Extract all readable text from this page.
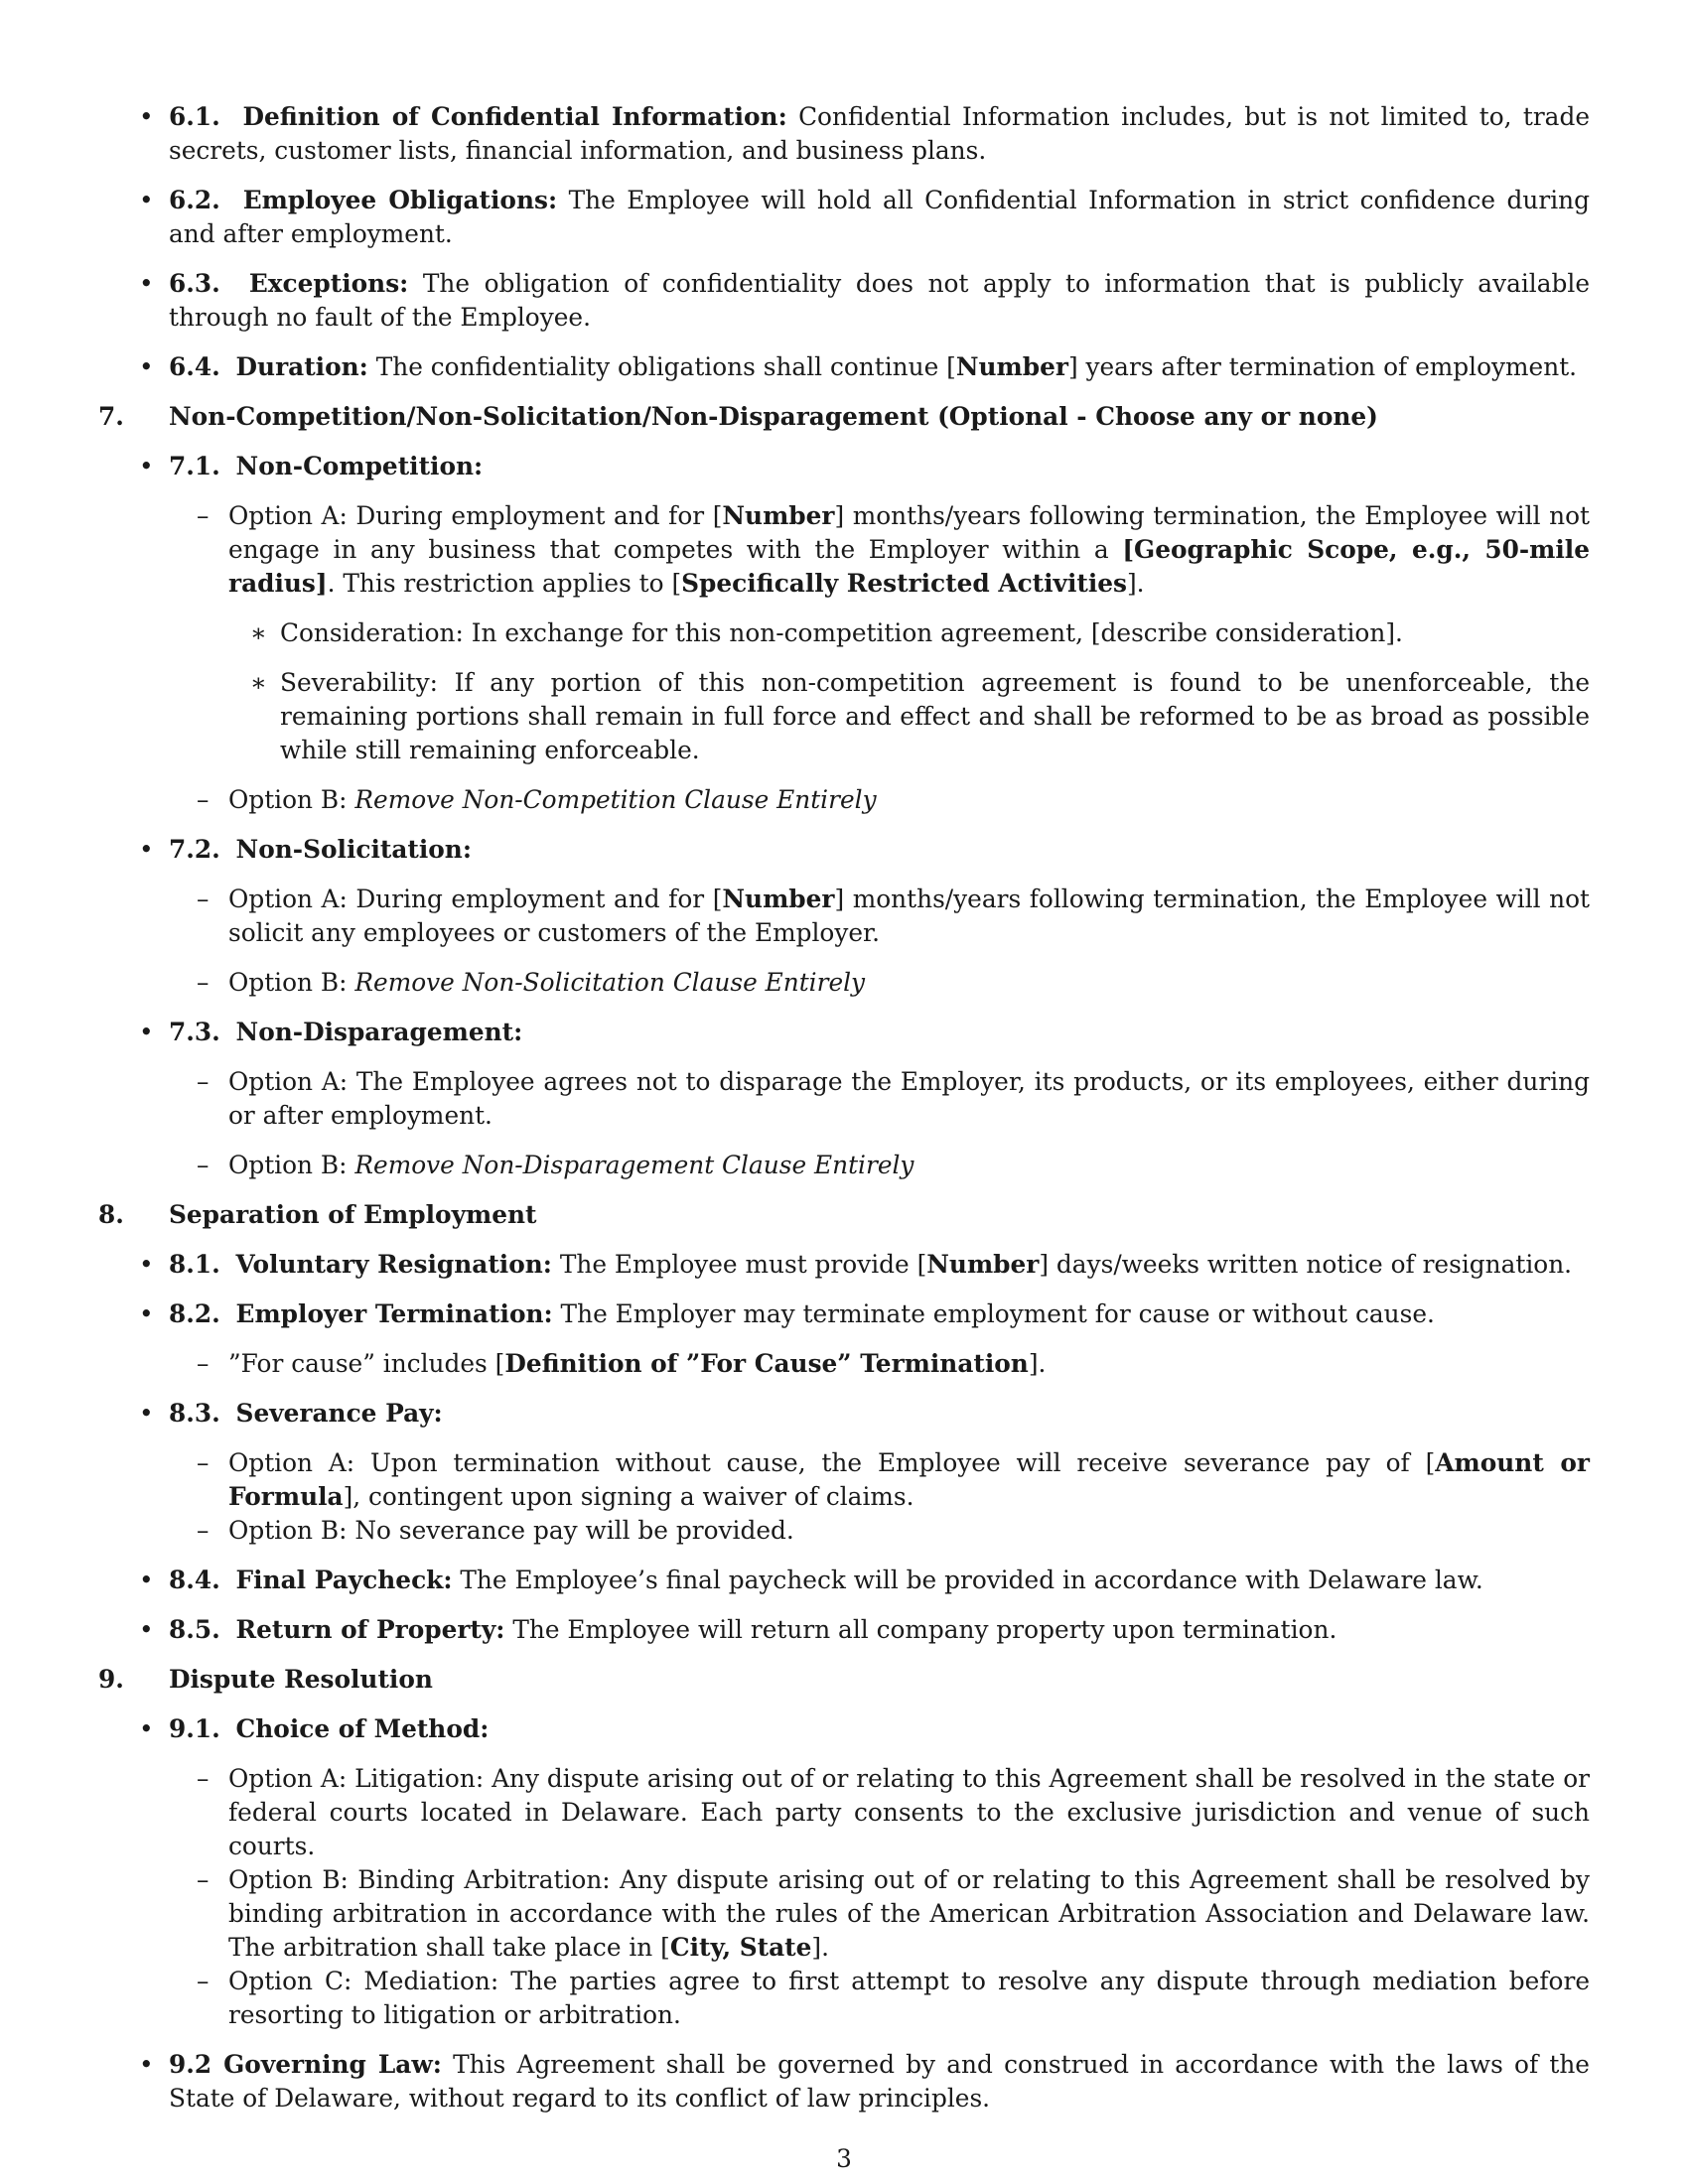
• 6.1. Definition of Confidential Information: Confidential Information includes, but is not limited to, trade secrets, customer lists, financial information, and business plans.

• 6.2. Employee Obligations: The Employee will hold all Confidential Information in strict confidence during and after employment.

• 6.3. Exceptions: The obligation of confidentiality does not apply to information that is publicly available through no fault of the Employee.

• 6.4. Duration: The confidentiality obligations shall continue [Number] years after termination of employment.

7. Non-Competition/Non-Solicitation/Non-Disparagement (Optional - Choose any or none)

• 7.1. Non-Competition:

– Option A: During employment and for [Number] months/years following termination, the Employee will not engage in any business that competes with the Employer within a [Geographic Scope, e.g., 50-mile radius]. This restriction applies to [Specifically Restricted Activities].

∗ Consideration: In exchange for this non-competition agreement, [describe consideration].

∗ Severability: If any portion of this non-competition agreement is found to be unenforceable, the remaining portions shall remain in full force and effect and shall be reformed to be as broad as possible while still remaining enforceable.

– Option B: Remove Non-Competition Clause Entirely

• 7.2. Non-Solicitation:

– Option A: During employment and for [Number] months/years following termination, the Employee will not solicit any employees or customers of the Employer.

– Option B: Remove Non-Solicitation Clause Entirely

• 7.3. Non-Disparagement:

– Option A: The Employee agrees not to disparage the Employer, its products, or its employees, either during or after employment.

– Option B: Remove Non-Disparagement Clause Entirely

8. Separation of Employment

• 8.1. Voluntary Resignation: The Employee must provide [Number] days/weeks written notice of resignation.

• 8.2. Employer Termination: The Employer may terminate employment for cause or without cause.

– ”For cause” includes [Definition of ”For Cause” Termination].

• 8.3. Severance Pay:

– Option A: Upon termination without cause, the Employee will receive severance pay of [Amount or Formula], contingent upon signing a waiver of claims.

– Option B: No severance pay will be provided.

• 8.4. Final Paycheck: The Employee’s final paycheck will be provided in accordance with Delaware law.

• 8.5. Return of Property: The Employee will return all company property upon termination.

9. Dispute Resolution

• 9.1. Choice of Method:

– Option A: Litigation: Any dispute arising out of or relating to this Agreement shall be resolved in the state or federal courts located in Delaware. Each party consents to the exclusive jurisdiction and venue of such courts.

– Option B: Binding Arbitration: Any dispute arising out of or relating to this Agreement shall be resolved by binding arbitration in accordance with the rules of the American Arbitration Association and Delaware law. The arbitration shall take place in [City, State].

– Option C: Mediation: The parties agree to first attempt to resolve any dispute through mediation before resorting to litigation or arbitration.

• 9.2 Governing Law: This Agreement shall be governed by and construed in accordance with the laws of the State of Delaware, without regard to its conflict of law principles.

3
